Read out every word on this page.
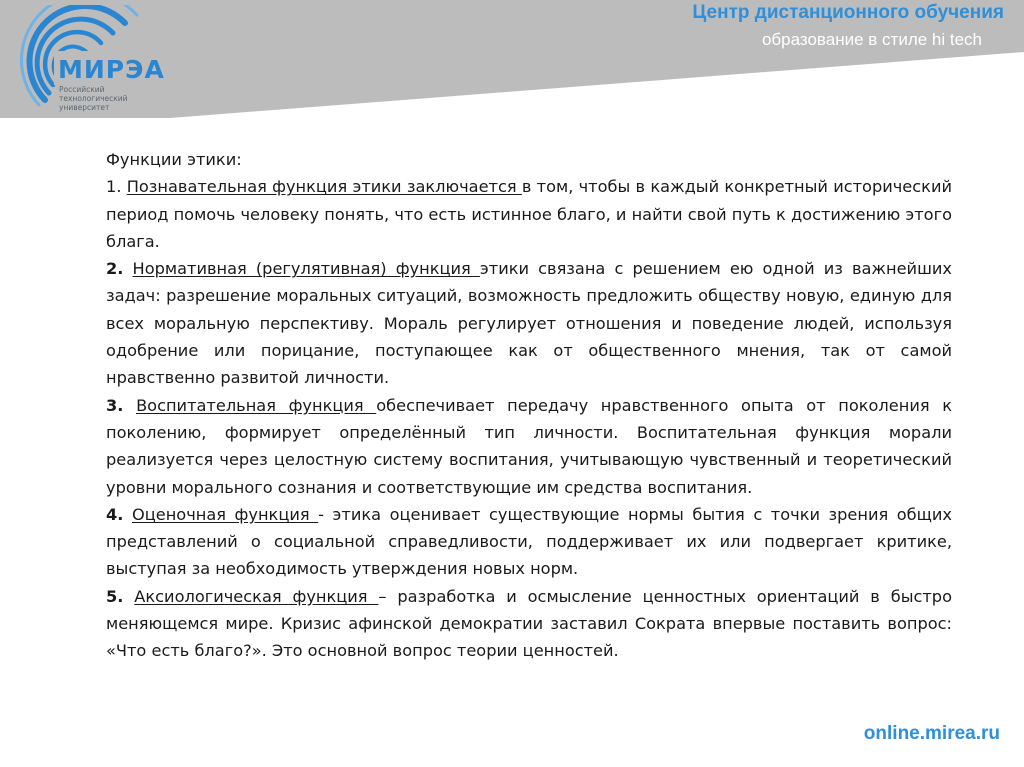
МИРЭА
Российский
технологический
университет
Центр дистанционного обучения
образование в стиле hi tech

Функции этики:

1. Познавательная функция этики заключается в том, чтобы в каждый конкретный исторический период помочь человеку понять, что есть истинное благо, и найти свой путь к достижению этого блага.

2. Нормативная (регулятивная) функция этики связана с решением ею одной из важнейших задач: разрешение моральных ситуаций, возможность предложить обществу новую, единую для всех моральную перспективу. Мораль регулирует отношения и поведение людей, используя одобрение или порицание, поступающее как от общественного мнения, так от самой нравственно развитой личности.

3. Воспитательная функция обеспечивает передачу нравственного опыта от поколения к поколению, формирует определённый тип личности. Воспитательная функция морали реализуется через целостную систему воспитания, учитывающую чувственный и теоретический уровни морального сознания и соответствующие им средства воспитания.

4. Оценочная функция - этика оценивает существующие нормы бытия с точки зрения общих представлений о социальной справедливости, поддерживает их или подвергает критике, выступая за необходимость утверждения новых норм.

5. Аксиологическая функция – разработка и осмысление ценностных ориентаций в быстро меняющемся мире. Кризис афинской демократии заставил Сократа впервые поставить вопрос: «Что есть благо?». Это основной вопрос теории ценностей.

online.mirea.ru
